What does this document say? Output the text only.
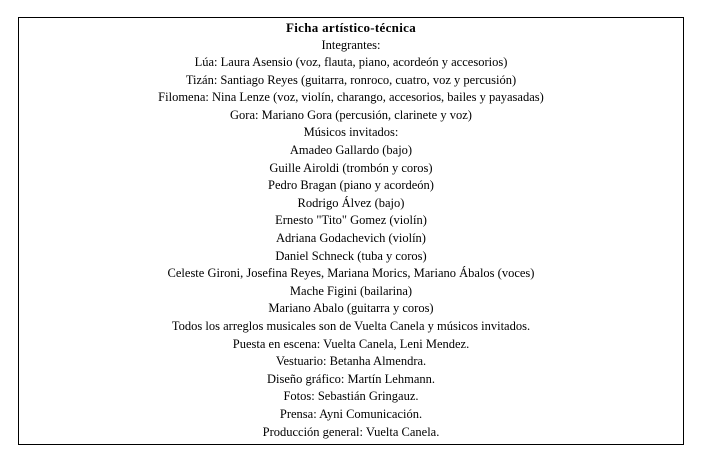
Ficha artístico-técnica
Integrantes:
Lúa: Laura Asensio (voz, flauta, piano, acordeón y accesorios)
Tizán: Santiago Reyes (guitarra, ronroco, cuatro, voz y percusión)
Filomena: Nina Lenze (voz, violín, charango, accesorios, bailes y payasadas)
Gora: Mariano Gora (percusión, clarinete y voz)
Músicos invitados:
Amadeo Gallardo (bajo)
Guille Airoldi (trombón y coros)
Pedro Bragan (piano y acordeón)
Rodrigo Álvez (bajo)
Ernesto "Tito" Gomez (violín)
Adriana Godachevich (violín)
Daniel Schneck (tuba y coros)
Celeste Gironi, Josefina Reyes, Mariana Morics, Mariano Ábalos (voces)
Mache Figini (bailarina)
Mariano Abalo (guitarra y coros)
Todos los arreglos musicales son de Vuelta Canela y músicos invitados.
Puesta en escena: Vuelta Canela, Leni Mendez.
Vestuario: Betanha Almendra.
Diseño gráfico: Martín Lehmann.
Fotos: Sebastián Gringauz.
Prensa: Ayni Comunicación.
Producción general: Vuelta Canela.
